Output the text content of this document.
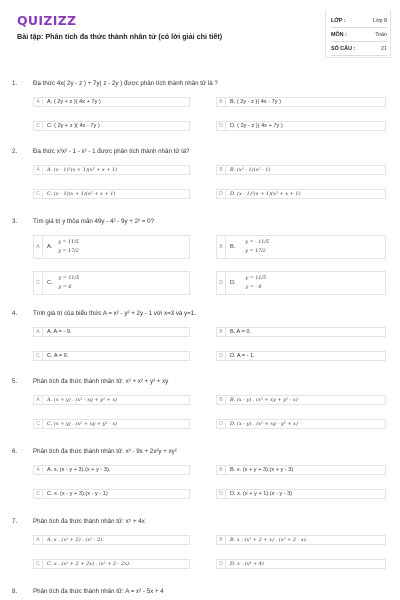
QUIZIZZ
Bài tập: Phân tích đa thức thành nhân tử (có lời giải chi tiết)
LỚP :	Lớp 8
MÔN :	Toán
SỐ CÂU :	21
1.	Đa thức 4x( 2y - z ) + 7y( z - 2y ) được phân tích thành nhân tử là ?
A	A. ( 2y + z )( 4x + 7y )	B	B. ( 2y - z )( 4x - 7y )
C	C. ( 2y + z )( 4x - 7y )	D	D. ( 2y - z )( 4x + 7y )
2.	Đa thức x³x² - 1 - x² - 1 được phân tích thành nhân tử là?
A	A. (x - 1)²(x + 1)(x² + x + 1)	B	B. (x³ - 1)(x² - 1)
C	C. (x - 1)(x + 1)(x² + x + 1)	D	D. (x - 1)²(x + 1)(x² + x + 1)
3.	Tìm giá trị y thỏa mãn 49y - 4² - 9y + 2² = 0?
A	A.
y = 11/5
y = 17/2
B	B.
y = - 11/5
y = 17/2
C	C.
y = 11/5
y = 6
D	D.
y = 11/5
y = - 6
4.	Tính giá trị của biểu thức A = x² - y² + 2y - 1 với x=3 và y=1.
A	A. A = - 9.	B	B. A = 0.
C	C. A = 9.	D	D. A = - 1.
5.	Phân tích đa thức thành nhân tử: x³ + x² + y³ + xy
A	A. (x + y) . (x² - xy + y² + x)	B	B. (x - y) . (x² + xy + y² - x)
C	C. (x + y) . (x² + xy + y² - x)	D	D. (x - y) . (x² + xy - y² + x)
6.	Phân tích đa thức thành nhân tử: x³ - 9x + 2x²y + xy²
A	A. x. (x - y + 3).(x + y - 3).	B	B. x. (x + y + 3).(x + y - 3)
C	C. x. (x - y + 3).(x - y - 1)	D	D. x. (x + y + 1).(x - y - 3)
7.	Phân tích đa thức thành nhân tử: x⁵ + 4x
A	A. x . (x² + 2) . (x² - 2).	B	B. x . (x² + 2 + x) . (x² + 2 - x).
C	C. x . (x² + 2 + 2x) . (x² + 2 - 2x).	D	D. x . (x⁴ + 4)
8.	Phân tích đa thức thành nhân tử: A = x² - 5x + 4
